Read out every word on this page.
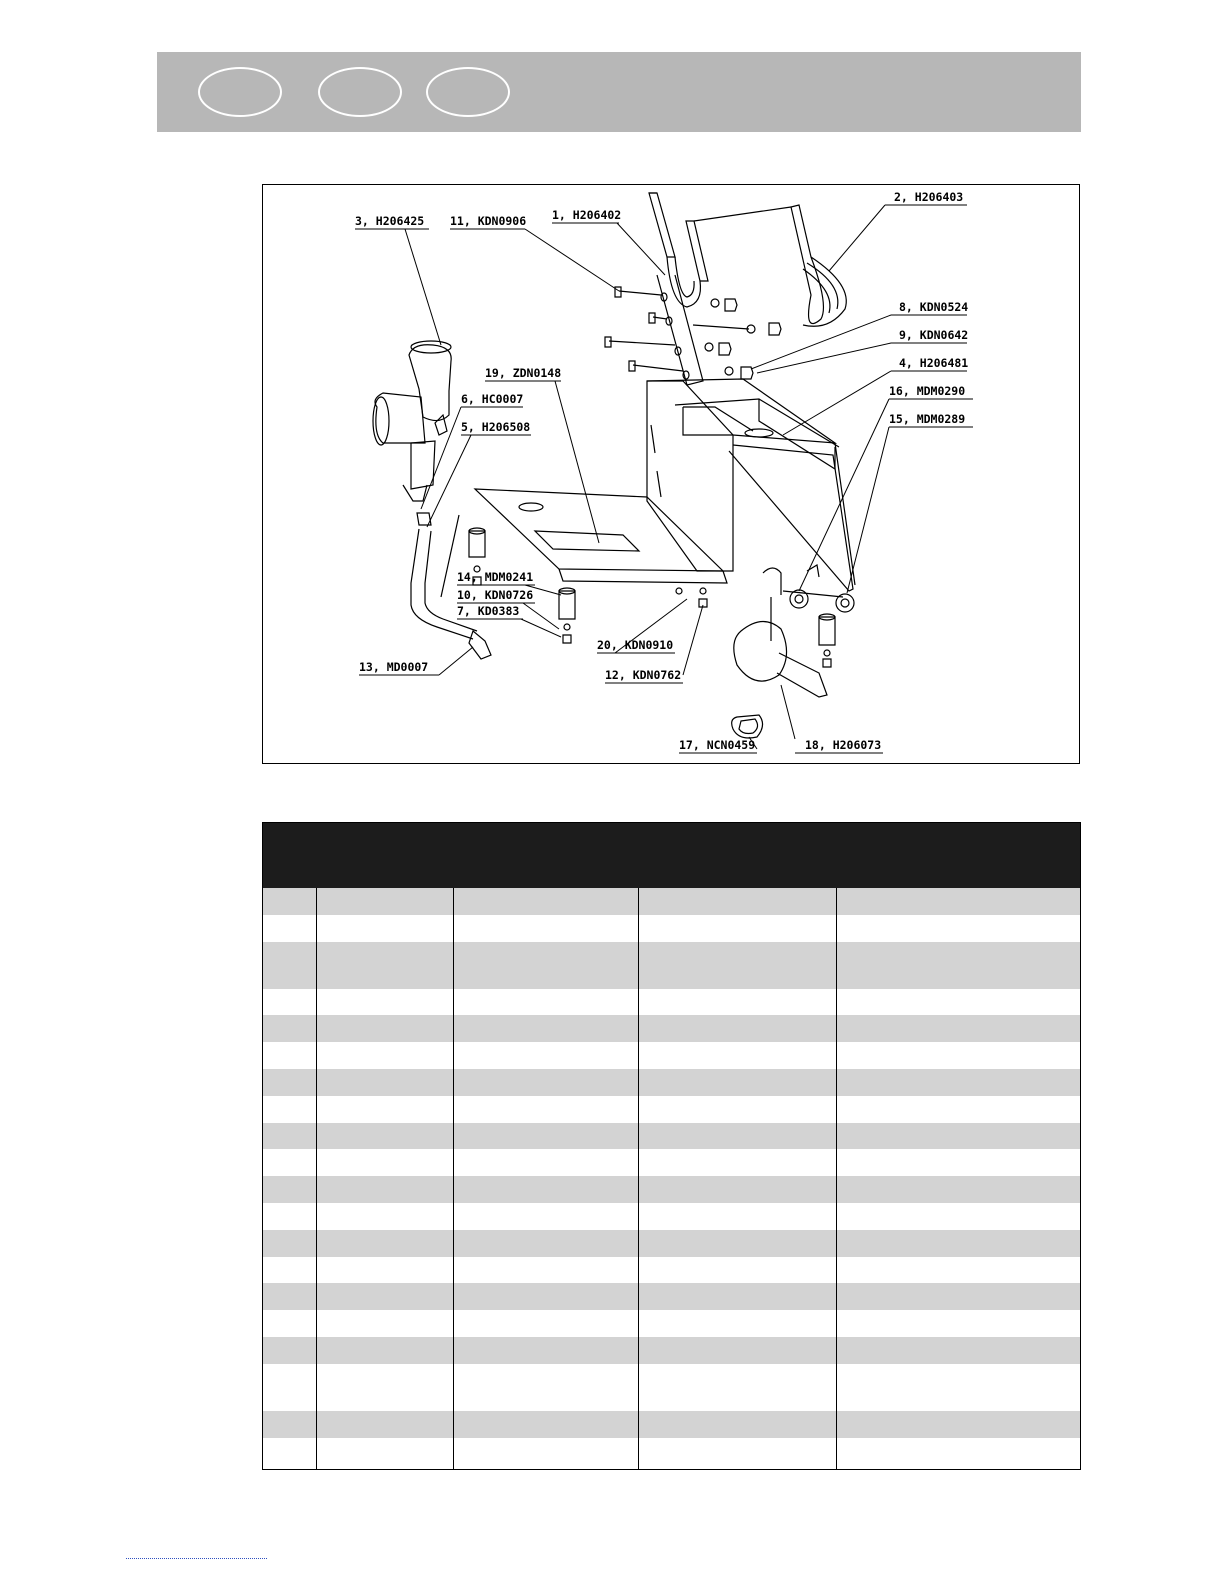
3, H206425 11, KDN0906 1, H206402
2, H206403
8, KDN0524
9, KDN0642
4, H206481
16, MDM0290
15, MDM0289
19, ZDN0148
6, HC0007
5, H206508
14, MDM0241
10, KDN0726
7, KD0383
13, MD0007
20, KDN0910
12, KDN0762
17, NCN0459	18, H206073
